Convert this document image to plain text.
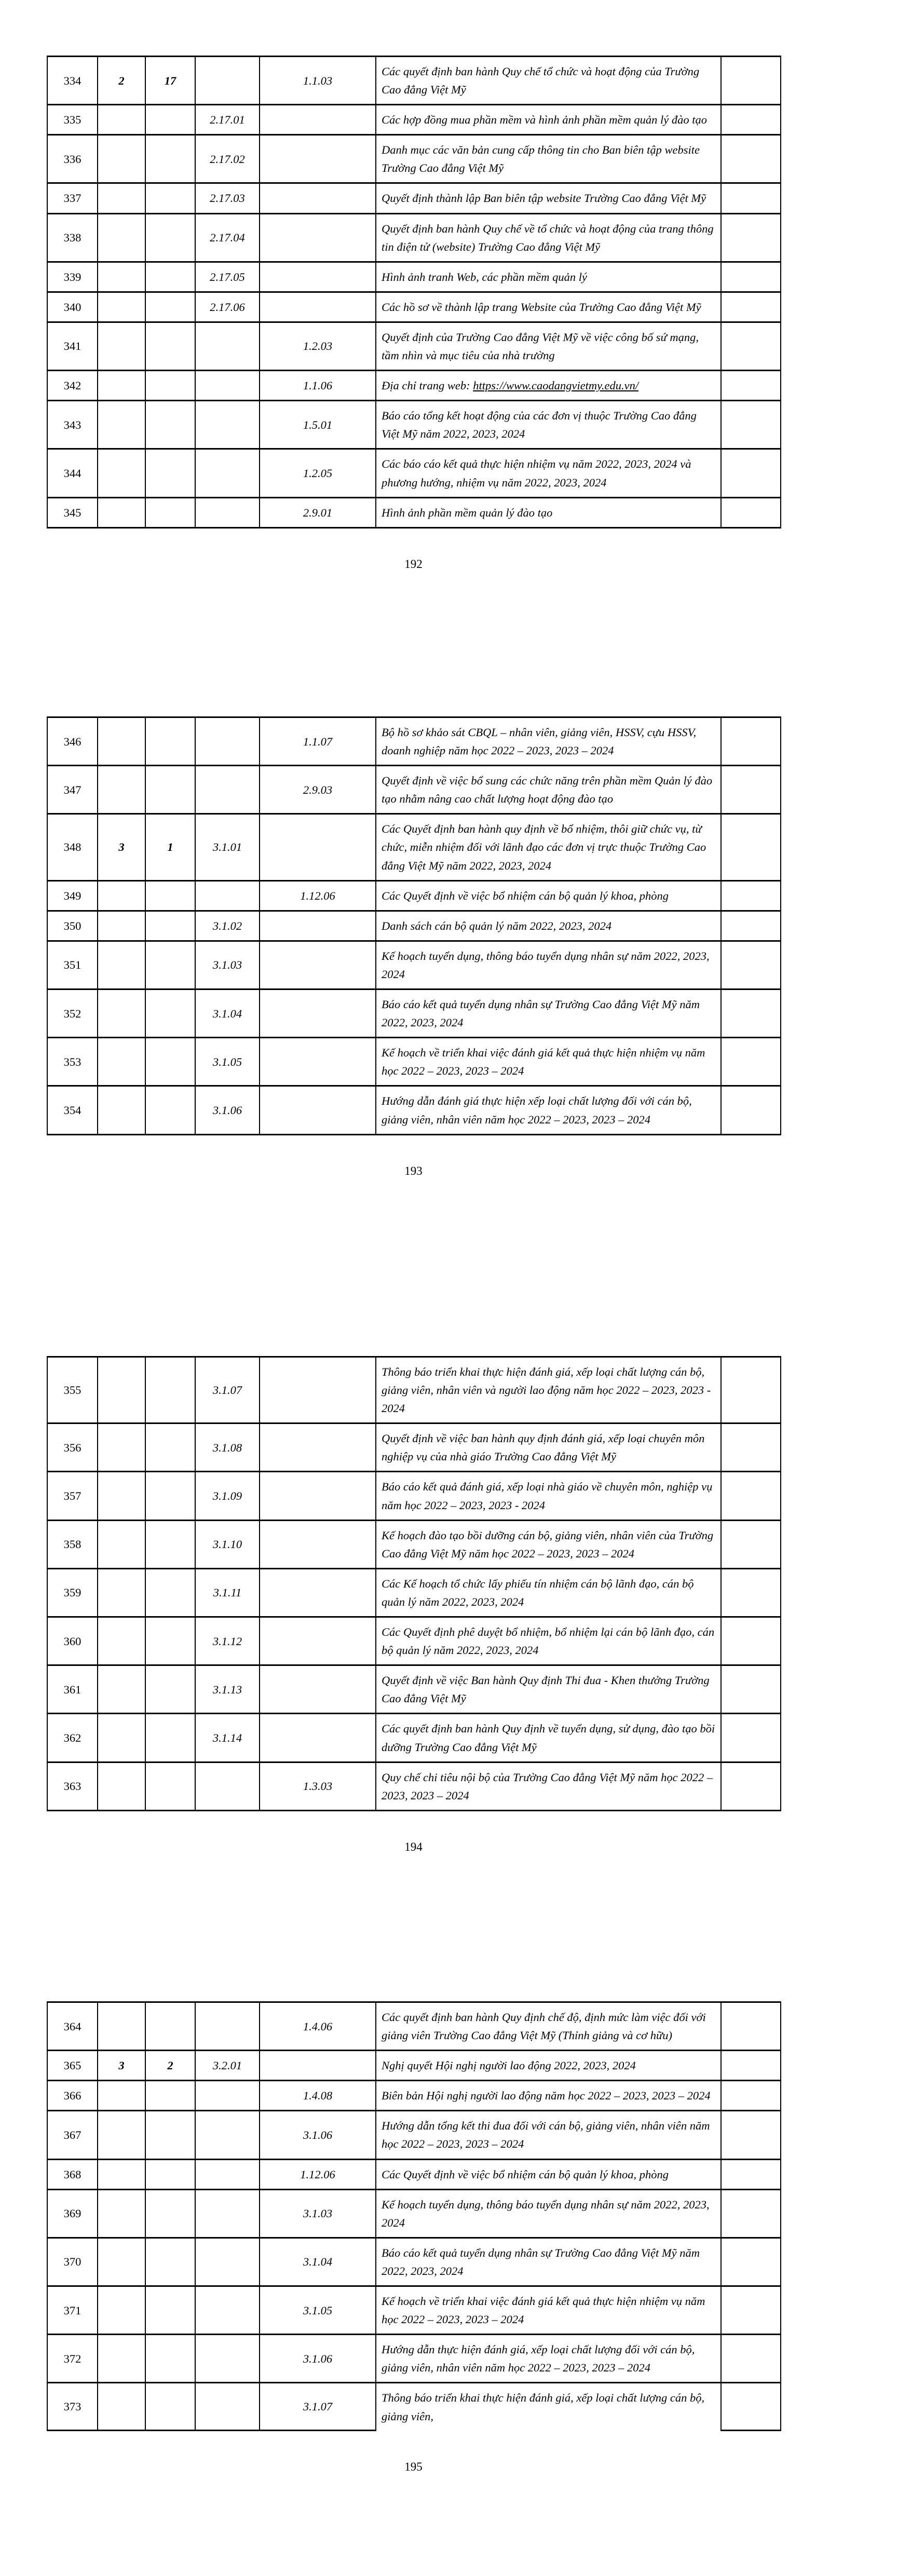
334	2	17		1.1.03	Các quyết định ban hành Quy chế tổ chức và hoạt động của Trường Cao đẳng Việt Mỹ	
335			2.17.01		Các hợp đồng mua phần mềm và hình ảnh phần mềm quản lý đào tạo	
336			2.17.02		Danh mục các văn bản cung cấp thông tin cho Ban biên tập website Trường Cao đẳng Việt Mỹ	
337			2.17.03		Quyết định thành lập Ban biên tập website Trường Cao đẳng Việt Mỹ	
338			2.17.04		Quyết định ban hành Quy chế về tổ chức và hoạt động của trang thông tin điện tử (website) Trường Cao đẳng Việt Mỹ	
339			2.17.05		Hình ảnh tranh Web, các phần mềm quản lý	
340			2.17.06		Các hồ sơ về thành lập trang Website của Trường Cao đẳng Việt Mỹ	
341				1.2.03	Quyết định của Trường Cao đẳng Việt Mỹ về việc công bố sứ mạng, tầm nhìn và mục tiêu của nhà trường	
342				1.1.06	Địa chỉ trang web: https://www.caodangvietmy.edu.vn/	
343				1.5.01	Báo cáo tổng kết hoạt động của các đơn vị thuộc Trường Cao đẳng Việt Mỹ năm 2022, 2023, 2024	
344				1.2.05	Các báo cáo kết quả thực hiện nhiệm vụ năm 2022, 2023, 2024 và phương hướng, nhiệm vụ năm 2022, 2023, 2024	
345				2.9.01	Hình ảnh phần mềm quản lý đào tạo	
192
346				1.1.07	Bộ hồ sơ khảo sát CBQL – nhân viên, giảng viên, HSSV, cựu HSSV, doanh nghiệp năm học 2022 – 2023, 2023 – 2024	
347				2.9.03	Quyết định về việc bổ sung các chức năng trên phần mềm Quản lý đào tạo nhằm nâng cao chất lượng hoạt động đào tạo	
348	3	1	3.1.01		Các Quyết định ban hành quy định về bổ nhiệm, thôi giữ chức vụ, từ chức, miễn nhiệm đối với lãnh đạo các đơn vị trực thuộc Trường Cao đẳng Việt Mỹ năm 2022, 2023, 2024	
349				1.12.06	Các Quyết định về việc bổ nhiệm cán bộ quản lý khoa, phòng	
350			3.1.02		Danh sách cán bộ quản lý năm 2022, 2023, 2024	
351			3.1.03		Kế hoạch tuyển dụng, thông báo tuyển dụng nhân sự năm 2022, 2023, 2024	
352			3.1.04		Báo cáo kết quả tuyển dụng nhân sự Trường Cao đẳng Việt Mỹ năm 2022, 2023, 2024	
353			3.1.05		Kế hoạch về triển khai việc đánh giá kết quả thực hiện nhiệm vụ năm học 2022 – 2023, 2023 – 2024	
354			3.1.06		Hướng dẫn đánh giá thực hiện xếp loại chất lượng đối với cán bộ, giảng viên, nhân viên năm học 2022 – 2023, 2023 – 2024	
193
355			3.1.07		Thông báo triển khai thực hiện đánh giá, xếp loại chất lượng cán bộ, giảng viên, nhân viên và người lao động năm học 2022 – 2023, 2023 - 2024	
356			3.1.08		Quyết định về việc ban hành quy định đánh giá, xếp loại chuyên môn nghiệp vụ của nhà giáo Trường Cao đẳng Việt Mỹ	
357			3.1.09		Báo cáo kết quả đánh giá, xếp loại nhà giáo về chuyên môn, nghiệp vụ năm học 2022 – 2023, 2023 - 2024	
358			3.1.10		Kế hoạch đào tạo bồi dưỡng cán bộ, giảng viên, nhân viên của Trường Cao đẳng Việt Mỹ năm học 2022 – 2023, 2023 – 2024	
359			3.1.11		Các Kế hoạch tổ chức lấy phiếu tín nhiệm cán bộ lãnh đạo, cán bộ quản lý năm 2022, 2023, 2024	
360			3.1.12		Các Quyết định phê duyệt bổ nhiệm, bổ nhiệm lại cán bộ lãnh đạo, cán bộ quản lý năm 2022, 2023, 2024	
361			3.1.13		Quyết định về việc Ban hành Quy định Thi đua - Khen thưởng Trường Cao đẳng Việt Mỹ	
362			3.1.14		Các quyết định ban hành Quy định về tuyển dụng, sử dụng, đào tạo bồi dưỡng Trường Cao đẳng Việt Mỹ	
363				1.3.03	Quy chế chi tiêu nội bộ của Trường Cao đẳng Việt Mỹ năm học 2022 – 2023, 2023 – 2024	
194
364				1.4.06	Các quyết định ban hành Quy định chế độ, định mức làm việc đối với giảng viên Trường Cao đẳng Việt Mỹ (Thỉnh giảng và cơ hữu)	
365	3	2	3.2.01		Nghị quyết Hội nghị người lao động 2022, 2023, 2024	
366				1.4.08	Biên bản Hội nghị người lao động năm học 2022 – 2023, 2023 – 2024	
367				3.1.06	Hướng dẫn tổng kết thi đua đối với cán bộ, giảng viên, nhân viên năm học 2022 – 2023, 2023 – 2024	
368				1.12.06	Các Quyết định về việc bổ nhiệm cán bộ quản lý khoa, phòng	
369				3.1.03	Kế hoạch tuyển dụng, thông báo tuyển dụng nhân sự năm 2022, 2023, 2024	
370				3.1.04	Báo cáo kết quả tuyển dụng nhân sự Trường Cao đẳng Việt Mỹ năm 2022, 2023, 2024	
371				3.1.05	Kế hoạch về triển khai việc đánh giá kết quả thực hiện nhiệm vụ năm học 2022 – 2023, 2023 – 2024	
372				3.1.06	Hướng dẫn thực hiện đánh giá, xếp loại chất lượng đối với cán bộ, giảng viên, nhân viên năm học 2022 – 2023, 2023 – 2024	
373				3.1.07	Thông báo triển khai thực hiện đánh giá, xếp loại chất lượng cán bộ, giảng viên,	

195
